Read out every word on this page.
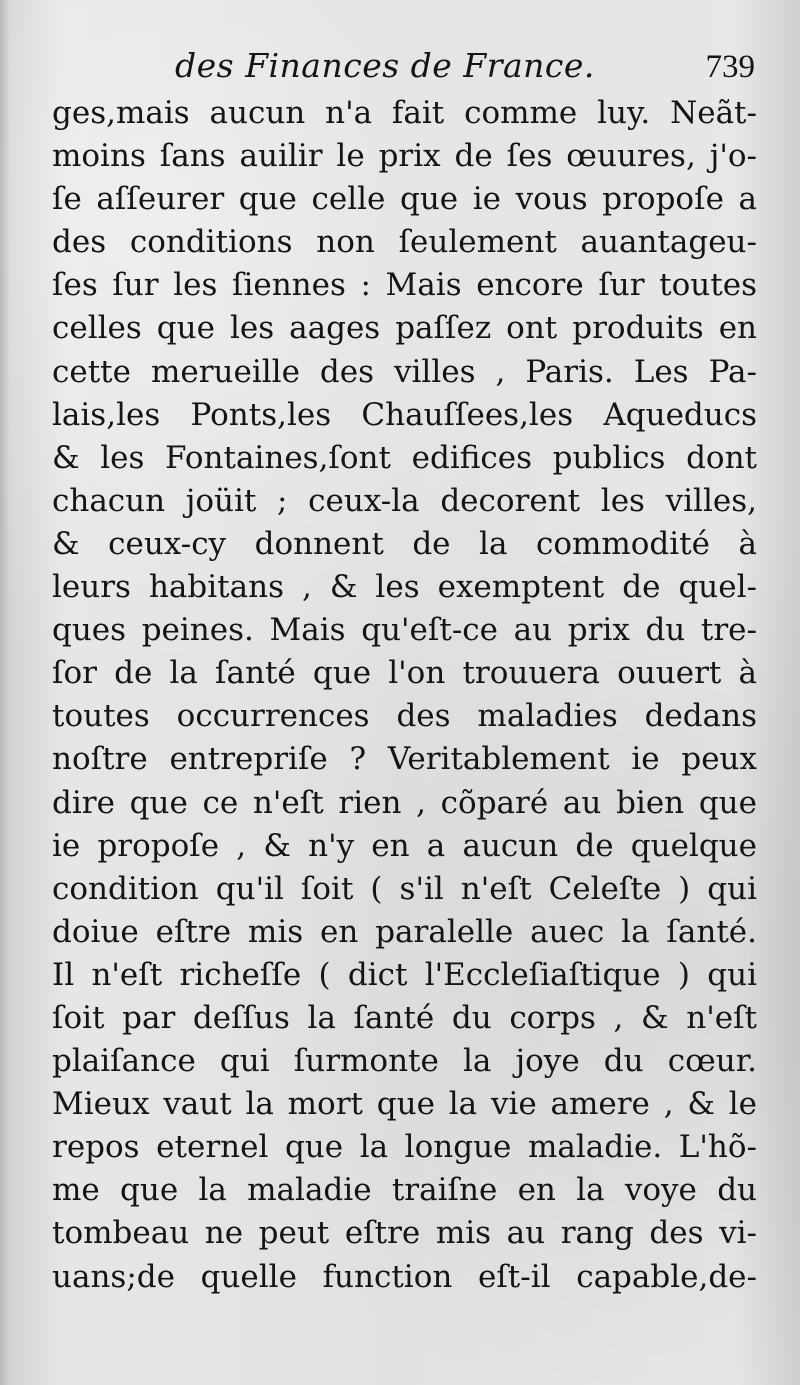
des Finances de France.	739
ges,mais aucun n'a fait comme luy. Neãt-
moins ſans auilir le prix de ſes œuures, j'o-
ſe aſſeurer que celle que ie vous propoſe a
des conditions non ſeulement auantageu-
ſes ſur les ſiennes : Mais encore ſur toutes
celles que les aages paſſez ont produits en
cette merueille des villes , Paris. Les Pa-
lais,les Ponts,les Chauſſees,les Aqueducs
& les Fontaines,ſont edifices publics dont
chacun joüit ; ceux-la decorent les villes,
& ceux-cy donnent de la commodité à
leurs habitans , & les exemptent de quel-
ques peines. Mais qu'eſt-ce au prix du tre-
ſor de la ſanté que l'on trouuera ouuert à
toutes occurrences des maladies dedans
noſtre entrepriſe ? Veritablement ie peux
dire que ce n'eſt rien , cõparé au bien que
ie propoſe , & n'y en a aucun de quelque
condition qu'il ſoit ( s'il n'eſt Celeſte ) qui
doiue eſtre mis en paralelle auec la ſanté.
Il n'eſt richeſſe ( dict l'Eccleſiaſtique ) qui
ſoit par deſſus la ſanté du corps , & n'eſt
plaiſance qui ſurmonte la joye du cœur.
Mieux vaut la mort que la vie amere , & le
repos eternel que la longue maladie. L'hõ-
me que la maladie traiſne en la voye du
tombeau ne peut eſtre mis au rang des vi-
uans;de quelle function eſt-il capable,de-
